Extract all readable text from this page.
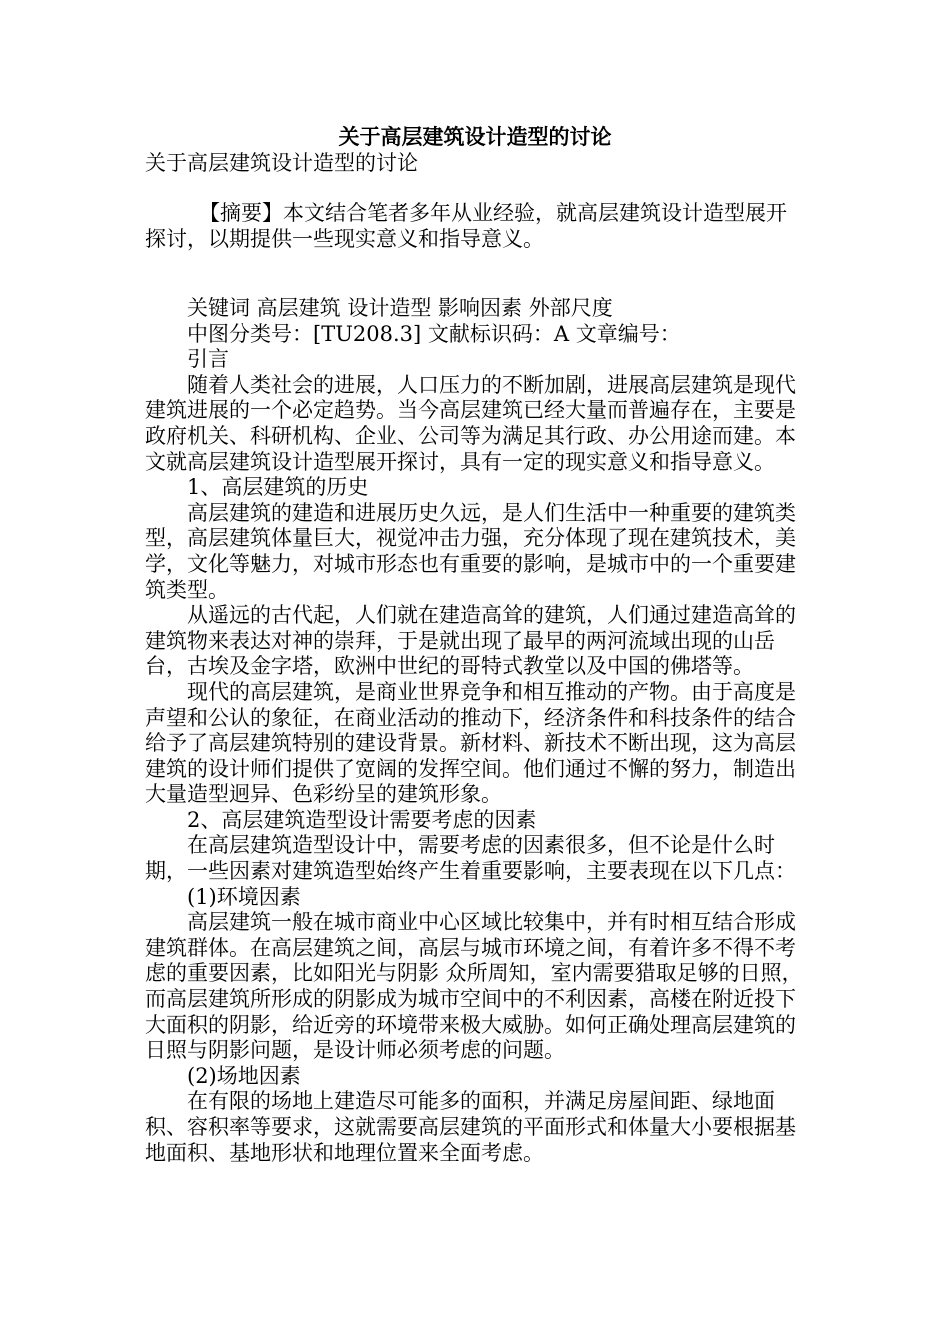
关于高层建筑设计造型的讨论
关于高层建筑设计造型的讨论
【摘要】本文结合笔者多年从业经验，就高层建筑设计造型展开探讨，以期提供一些现实意义和指导意义。

关键词 高层建筑 设计造型 影响因素 外部尺度

中图分类号：[TU208.3] 文献标识码：A 文章编号：

引言

随着人类社会的进展，人口压力的不断加剧，进展高层建筑是现代建筑进展的一个必定趋势。当今高层建筑已经大量而普遍存在，主要是政府机关、科研机构、企业、公司等为满足其行政、办公用途而建。本文就高层建筑设计造型展开探讨，具有一定的现实意义和指导意义。

1、高层建筑的历史

高层建筑的建造和进展历史久远，是人们生活中一种重要的建筑类型，高层建筑体量巨大，视觉冲击力强，充分体现了现在建筑技术，美学，文化等魅力，对城市形态也有重要的影响，是城市中的一个重要建筑类型。

从遥远的古代起，人们就在建造高耸的建筑，人们通过建造高耸的建筑物来表达对神的崇拜，于是就出现了最早的两河流域出现的山岳台，古埃及金字塔，欧洲中世纪的哥特式教堂以及中国的佛塔等。

现代的高层建筑，是商业世界竞争和相互推动的产物。由于高度是声望和公认的象征，在商业活动的推动下，经济条件和科技条件的结合给予了高层建筑特别的建设背景。新材料、新技术不断出现，这为高层建筑的设计师们提供了宽阔的发挥空间。他们通过不懈的努力，制造出大量造型迥异、色彩纷呈的建筑形象。

2、高层建筑造型设计需要考虑的因素

在高层建筑造型设计中，需要考虑的因素很多，但不论是什么时期，一些因素对建筑造型始终产生着重要影响，主要表现在以下几点：

(1)环境因素

高层建筑一般在城市商业中心区域比较集中，并有时相互结合形成建筑群体。在高层建筑之间，高层与城市环境之间，有着许多不得不考虑的重要因素，比如阳光与阴影 众所周知，室内需要猎取足够的日照，而高层建筑所形成的阴影成为城市空间中的不利因素，高楼在附近投下大面积的阴影，给近旁的环境带来极大威胁。如何正确处理高层建筑的日照与阴影问题，是设计师必须考虑的问题。

(2)场地因素

在有限的场地上建造尽可能多的面积，并满足房屋间距、绿地面积、容积率等要求，这就需要高层建筑的平面形式和体量大小要根据基地面积、基地形状和地理位置来全面考虑。
